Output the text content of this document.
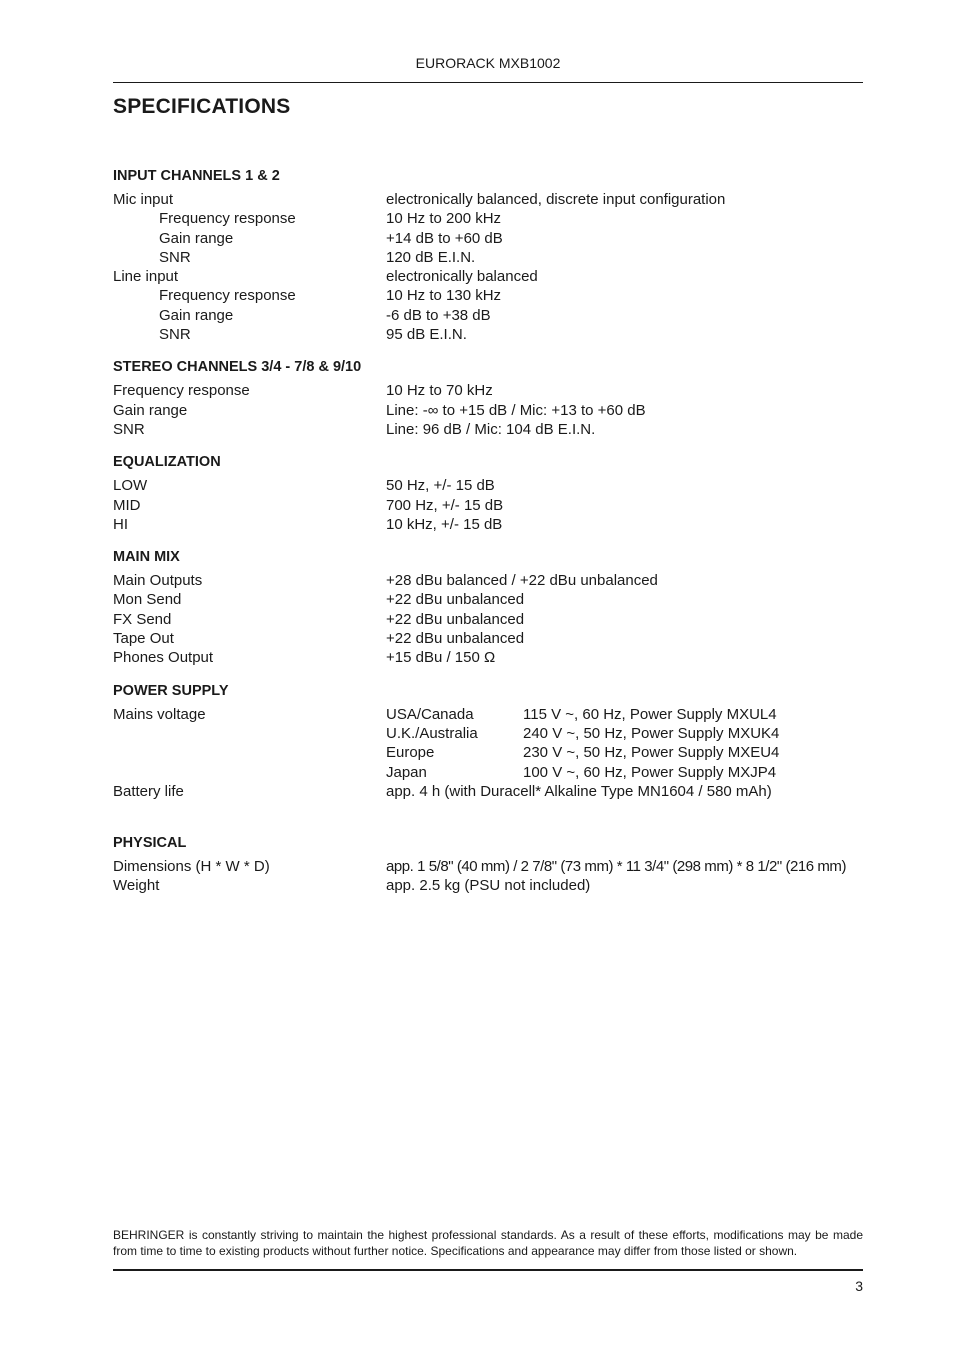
EURORACK MXB1002
SPECIFICATIONS
INPUT CHANNELS 1 & 2
Mic input	electronically balanced, discrete input configuration
Frequency response	10 Hz to 200 kHz
Gain range	+14 dB to +60 dB
SNR	120 dB E.I.N.
Line input	electronically balanced
Frequency response	10 Hz to 130 kHz
Gain range	-6 dB to +38 dB
SNR	95 dB E.I.N.
STEREO CHANNELS 3/4 - 7/8 & 9/10
Frequency response	10 Hz to 70 kHz
Gain range	Line: -∞ to +15 dB / Mic: +13 to +60 dB
SNR	Line: 96 dB / Mic: 104 dB E.I.N.
EQUALIZATION
LOW	50 Hz, +/- 15 dB
MID	700 Hz, +/- 15 dB
HI	10 kHz, +/- 15 dB
MAIN MIX
Main Outputs	+28 dBu balanced / +22 dBu unbalanced
Mon Send	+22 dBu unbalanced
FX Send	+22 dBu unbalanced
Tape Out	+22 dBu unbalanced
Phones Output	+15 dBu / 150 Ω
POWER SUPPLY
Mains voltage	USA/Canada	115 V ~, 60 Hz, Power Supply MXUL4
U.K./Australia	240 V ~, 50 Hz, Power Supply MXUK4
Europe	230 V ~, 50 Hz, Power Supply MXEU4
Japan	100 V ~, 60 Hz, Power Supply MXJP4
Battery life	app. 4 h (with Duracell* Alkaline Type MN1604 / 580 mAh)
PHYSICAL
Dimensions (H * W * D)	app. 1 5/8" (40 mm) / 2 7/8" (73 mm) * 11 3/4" (298 mm) * 8 1/2" (216 mm)
Weight	app. 2.5 kg (PSU not included)
BEHRINGER is constantly striving to maintain the highest professional standards. As a result of these efforts, modifications may be made from time to time to existing products without further notice. Specifications and appearance may differ from those listed or shown.
3
